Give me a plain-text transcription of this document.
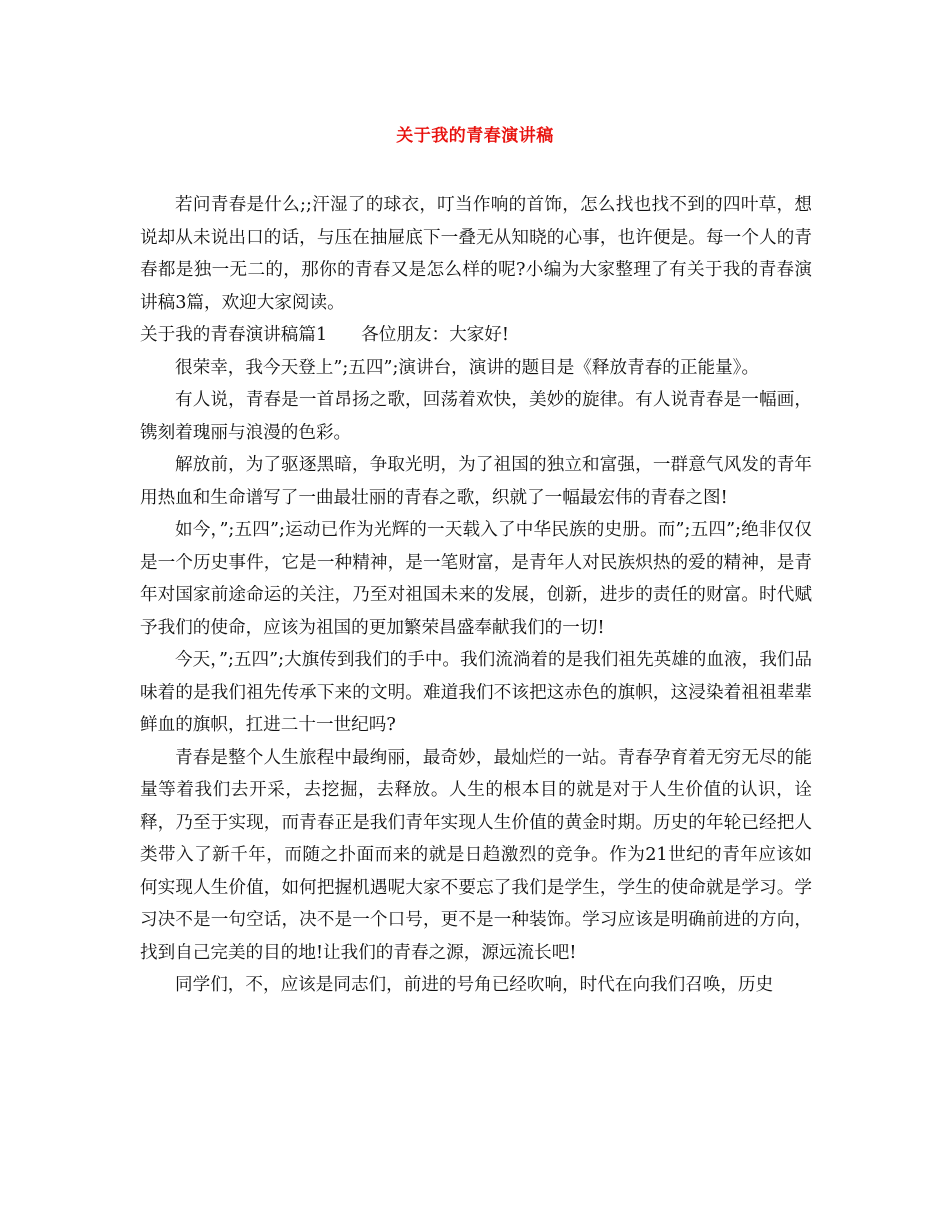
关于我的青春演讲稿

若问青春是什么;;汗湿了的球衣，叮当作响的首饰，怎么找也找不到的四叶草，想说却从未说出口的话，与压在抽屉底下一叠无从知晓的心事，也许便是。每一个人的青春都是独一无二的，那你的青春又是怎么样的呢?小编为大家整理了有关于我的青春演讲稿3篇，欢迎大家阅读。

关于我的青春演讲稿篇1 各位朋友：大家好!

很荣幸，我今天登上”;五四”;演讲台，演讲的题目是《释放青春的正能量》。

有人说，青春是一首昂扬之歌，回荡着欢快，美妙的旋律。有人说青春是一幅画，镌刻着瑰丽与浪漫的色彩。

解放前，为了驱逐黑暗，争取光明，为了祖国的独立和富强，一群意气风发的青年用热血和生命谱写了一曲最壮丽的青春之歌，织就了一幅最宏伟的青春之图!

如今，”;五四”;运动已作为光辉的一天载入了中华民族的史册。而”;五四”;绝非仅仅是一个历史事件，它是一种精神，是一笔财富，是青年人对民族炽热的爱的精神，是青年对国家前途命运的关注，乃至对祖国未来的发展，创新，进步的责任的财富。时代赋予我们的使命，应该为祖国的更加繁荣昌盛奉献我们的一切!

今天，”;五四”;大旗传到我们的手中。我们流淌着的是我们祖先英雄的血液，我们品味着的是我们祖先传承下来的文明。难道我们不该把这赤色的旗帜，这浸染着祖祖辈辈鲜血的旗帜，扛进二十一世纪吗?

青春是整个人生旅程中最绚丽，最奇妙，最灿烂的一站。青春孕育着无穷无尽的能量等着我们去开采，去挖掘，去释放。人生的根本目的就是对于人生价值的认识，诠释，乃至于实现，而青春正是我们青年实现人生价值的黄金时期。历史的年轮已经把人类带入了新千年，而随之扑面而来的就是日趋激烈的竞争。作为21世纪的青年应该如何实现人生价值，如何把握机遇呢大家不要忘了我们是学生，学生的使命就是学习。学习决不是一句空话，决不是一个口号，更不是一种装饰。学习应该是明确前进的方向，找到自己完美的目的地!让我们的青春之源，源远流长吧!

同学们，不，应该是同志们，前进的号角已经吹响，时代在向我们召唤，历史
